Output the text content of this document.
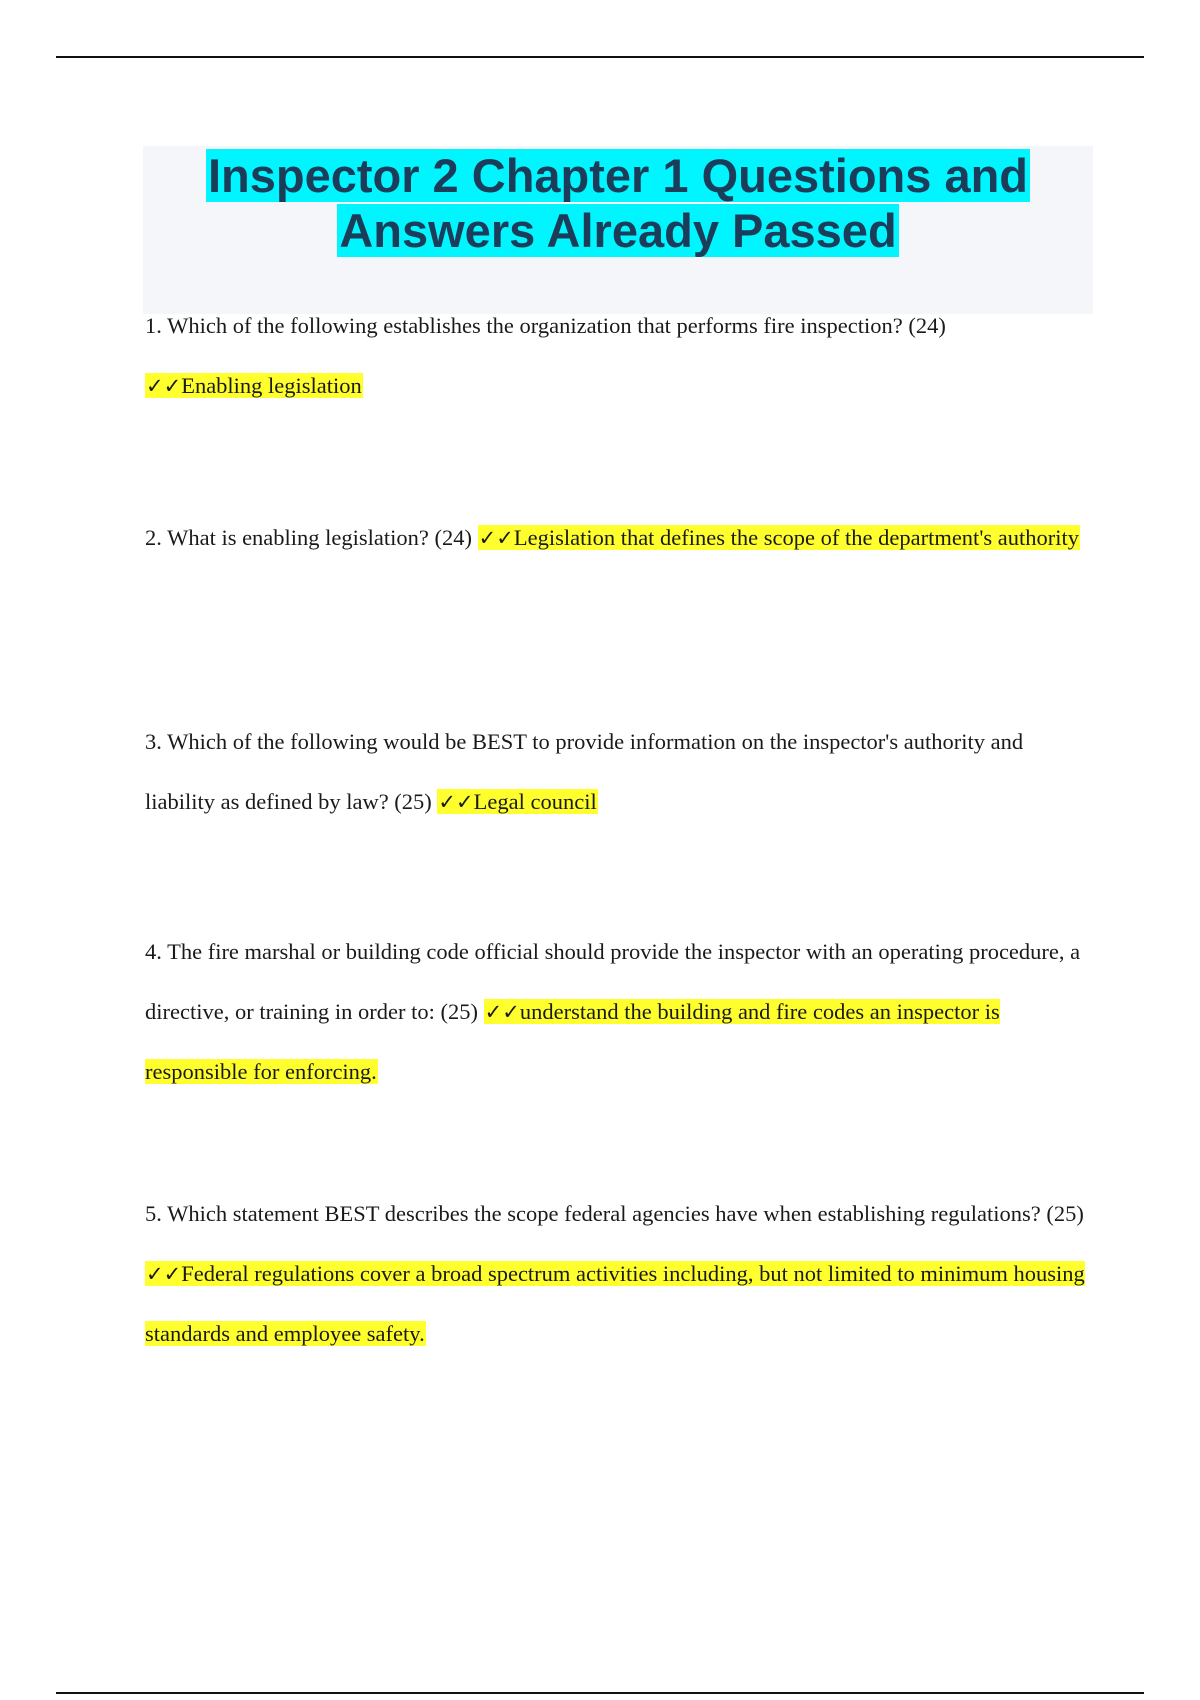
Inspector 2 Chapter 1 Questions and
Answers Already Passed

1. Which of the following establishes the organization that performs fire inspection? (24)
✓✓Enabling legislation

2. What is enabling legislation? (24) ✓✓Legislation that defines the scope of the department's authority

3. Which of the following would be BEST to provide information on the inspector's authority and liability as defined by law? (25) ✓✓Legal council

4. The fire marshal or building code official should provide the inspector with an operating procedure, a directive, or training in order to: (25) ✓✓understand the building and fire codes an inspector is responsible for enforcing.

5. Which statement BEST describes the scope federal agencies have when establishing regulations? (25) ✓✓Federal regulations cover a broad spectrum activities including, but not limited to minimum housing standards and employee safety.
